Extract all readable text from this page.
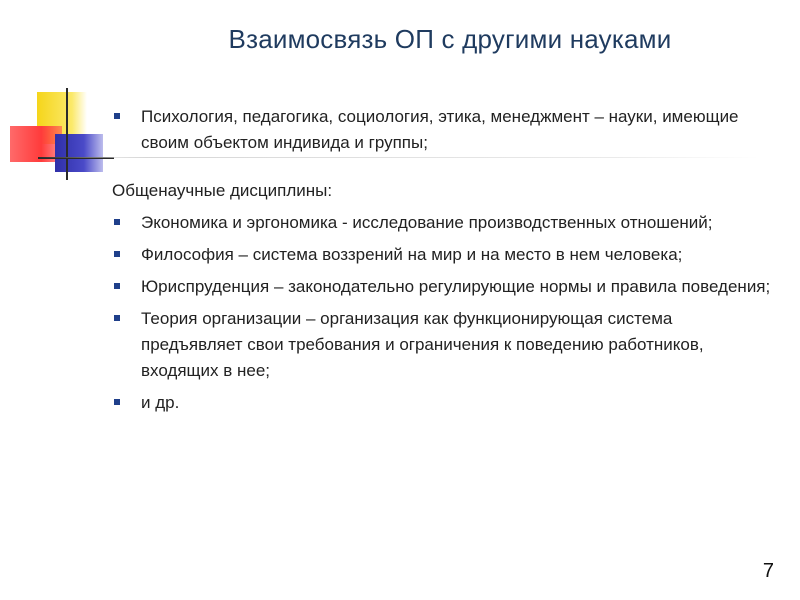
Взаимосвязь ОП с другими науками

Психология, педагогика, социология, этика, менеджмент – науки, имеющие своим объектом индивида и группы;

Общенаучные дисциплины:

Экономика и эргономика - исследование производственных отношений;

Философия – система воззрений на мир и на место в нем человека;

Юриспруденция – законодательно регулирующие нормы и правила поведения;

Теория организации – организация как функционирующая система предъявляет свои требования и ограничения к поведению работников, входящих в нее;

и др.

7
